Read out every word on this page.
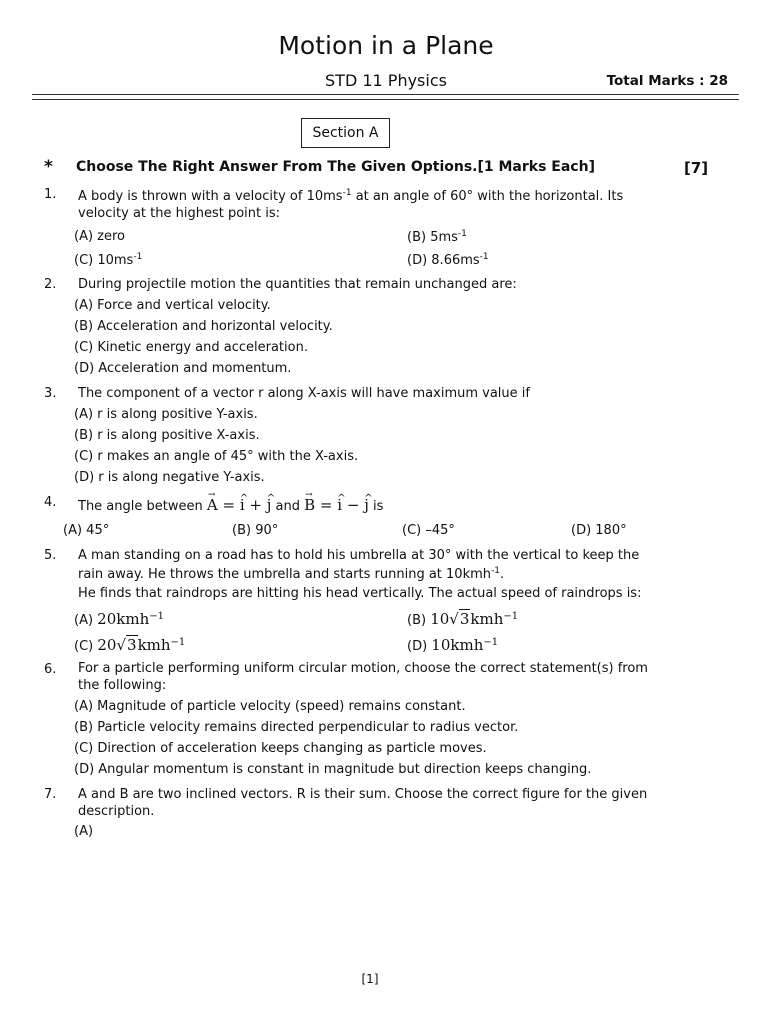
Motion in a Plane
STD 11 Physics	Total Marks : 28
Section A
* Choose The Right Answer From The Given Options.[1 Marks Each]	[7]
1. A body is thrown with a velocity of $10ms^{-1}$ at an angle of 60° with the horizontal. Its
velocity at the highest point is:
(A) zero	(B) $5ms^{-1}$
(C) $10ms^{-1}$	(D) $8.66ms^{-1}$
2. During projectile motion the quantities that remain unchanged are:
(A) Force and vertical velocity.
(B) Acceleration and horizontal velocity.
(C) Kinetic energy and acceleration.
(D) Acceleration and momentum.
3. The component of a vector r along X-axis will have maximum value if
(A) r is along positive Y-axis.
(B) r is along positive X-axis.
(C) r makes an angle of 45° with the X-axis.
(D) r is along negative Y-axis.
4. The angle between → A = ^ i + ^ j and → B = ^ i − ^ j is
(A) 45°	(B) 90°	(C) –45°	(D) 180°
5. A man standing on a road has to hold his umbrella at 30° with the vertical to keep the
rain away. He throws the umbrella and starts running at 10kmh$^{-1}$.
He finds that raindrops are hitting his head vertically. The actual speed of raindrops is:
(A) 20kmh$^{-1}$	(B) 10√3kmh$^{-1}$
(C) 20√3kmh$^{-1}$	(D) 10kmh$^{-1}$
6. For a particle performing uniform circular motion, choose the correct statement(s) from
the following:
(A) Magnitude of particle velocity (speed) remains constant.
(B) Particle velocity remains directed perpendicular to radius vector.
(C) Direction of acceleration keeps changing as particle moves.
(D) Angular momentum is constant in magnitude but direction keeps changing.
7. A and B are two inclined vectors. R is their sum. Choose the correct figure for the given
description.
(A)
[1]
